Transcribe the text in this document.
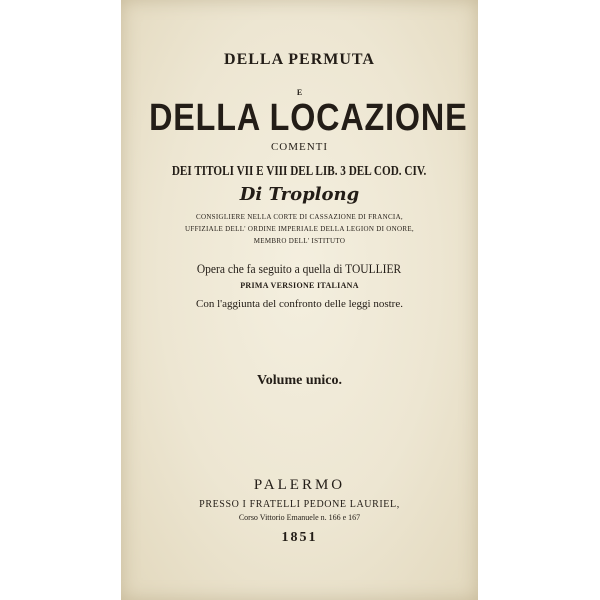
DELLA PERMUTA
E
DELLA LOCAZIONE
COMENTI
DEI TITOLI VII E VIII DEL LIB. 3 DEL COD. CIV.
Di Troplong
CONSIGLIERE NELLA CORTE DI CASSAZIONE DI FRANCIA,
UFFIZIALE DELL' ORDINE IMPERIALE DELLA LEGION DI ONORE,
MEMBRO DELL' ISTITUTO
Opera che fa seguito a quella di TOULLIER
PRIMA VERSIONE ITALIANA
Con l'aggiunta del confronto delle leggi nostre.
Volume unico.
PALERMO
PRESSO I FRATELLI PEDONE LAURIEL,
Corso Vittorio Emanuele n. 166 e 167
1851
